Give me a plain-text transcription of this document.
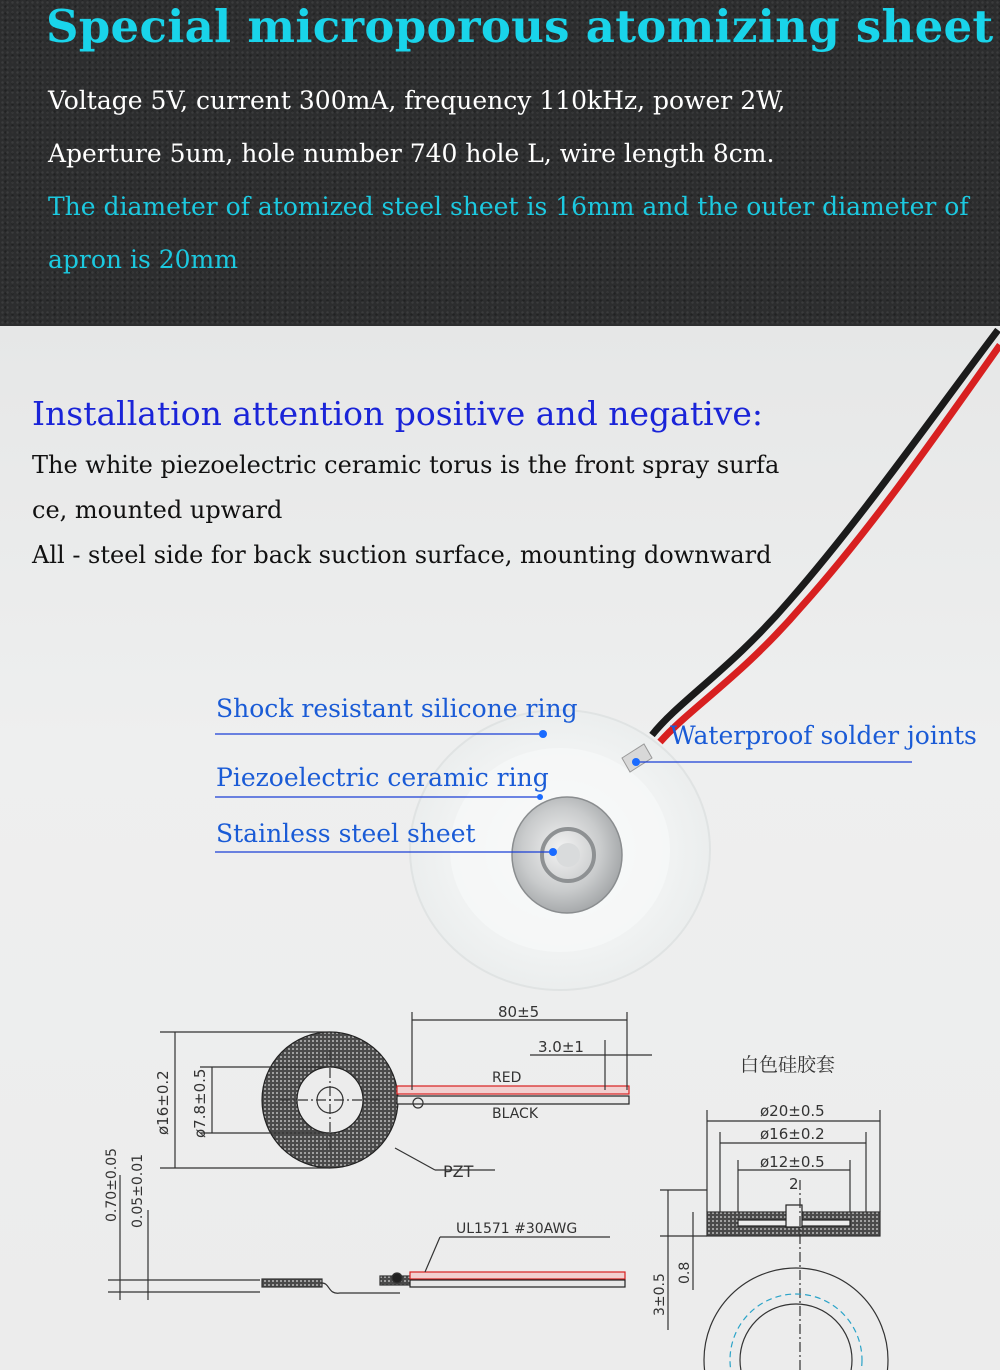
Special microporous atomizing sheet
Voltage 5V, current 300mA, frequency 110kHz, power 2W,
Aperture 5um, hole number 740 hole L, wire length 8cm.
The diameter of atomized steel sheet is 16mm and the outer diameter of
apron is 20mm
80±5
3.0±1
RED
BLACK
PZT
UL1571 #30AWG
ø16±0.2 ø7.8±0.5
0.70±0.05 0.05±0.01
白色硅胶套
ø20±0.5
ø16±0.2
ø12±0.5
2
3±0.5
0.8
Installation attention positive and negative:
The white piezoelectric ceramic torus is the front spray surfa
ce, mounted upward
All - steel side for back suction surface, mounting downward
Shock resistant silicone ring
Piezoelectric ceramic ring
Stainless steel sheet
Waterproof solder joints
